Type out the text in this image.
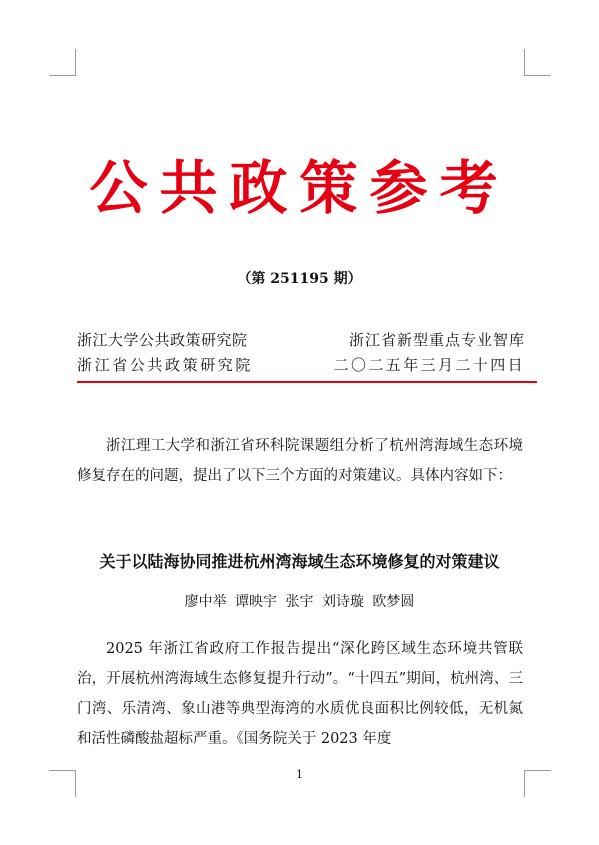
公共政策参考
（第 251195 期）
浙江大学公共政策研究院	浙江省新型重点专业智库
浙江省公共政策研究院	二〇二五年三月二十四日
浙江理工大学和浙江省环科院课题组分析了杭州湾海域生态环境修复存在的问题，提出了以下三个方面的对策建议。具体内容如下：
关于以陆海协同推进杭州湾海域生态环境修复的对策建议
廖中举 谭映宇 张宇 刘诗璇 欧梦圆
2025 年浙江省政府工作报告提出“深化跨区域生态环境共管联治，开展杭州湾海域生态修复提升行动”。“十四五”期间，杭州湾、三门湾、乐清湾、象山港等典型海湾的水质优良面积比例较低，无机氮和活性磷酸盐超标严重。《国务院关于 2023 年度
1
